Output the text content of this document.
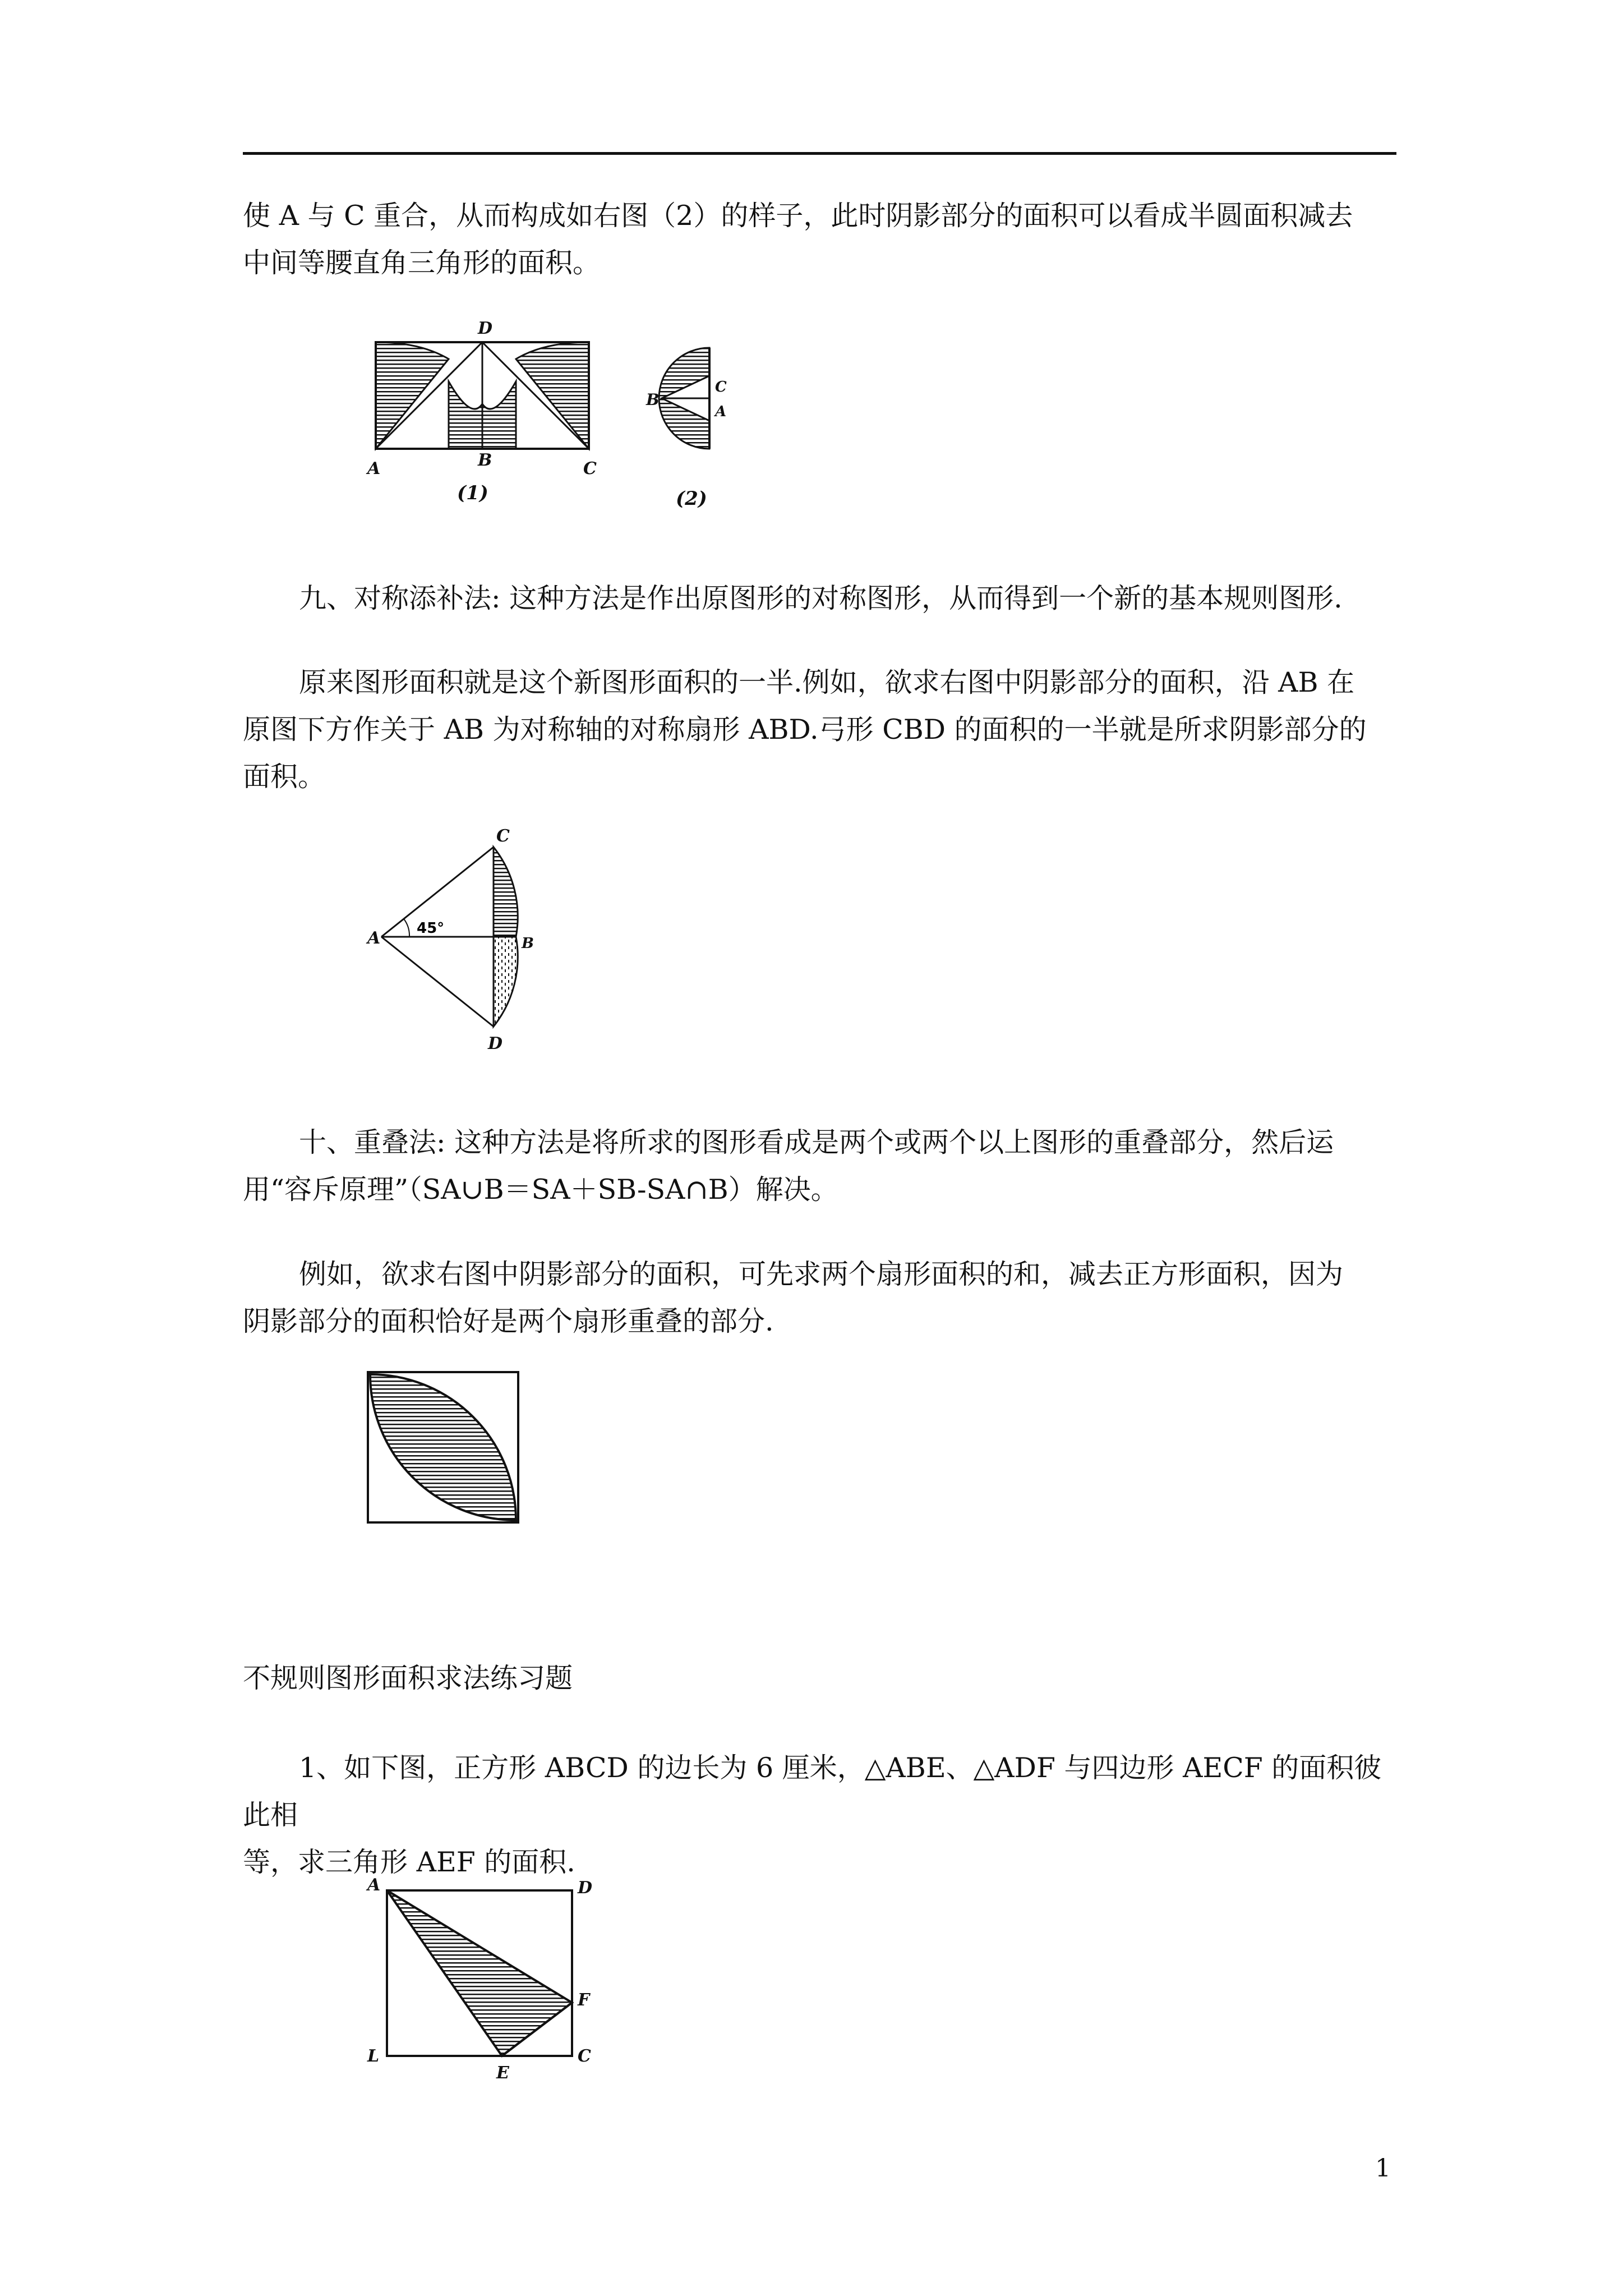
使 A 与 C 重合，从而构成如右图（2）的样子，此时阴影部分的面积可以看成半圆面积减去
中间等腰直角三角形的面积。

D
A	B	C
(1)
B
C
A
(2)

九、对称添补法: 这种方法是作出原图形的对称图形，从而得到一个新的基本规则图形.

原来图形面积就是这个新图形面积的一半.例如，欲求右图中阴影部分的面积，沿 AB 在
原图下方作关于 AB 为对称轴的对称扇形 ABD.弓形 CBD 的面积的一半就是所求阴影部分的
面积。

C
A	B
D
45°

十、重叠法: 这种方法是将所求的图形看成是两个或两个以上图形的重叠部分，然后运
用“容斥原理”（SA∪B＝SA＋SB-SA∩B）解决。

例如，欲求右图中阴影部分的面积，可先求两个扇形面积的和，减去正方形面积，因为
阴影部分的面积恰好是两个扇形重叠的部分.

不规则图形面积求法练习题

1、如下图，正方形 ABCD 的边长为 6 厘米，△ABE、△ADF 与四边形 AECF 的面积彼此相
等，求三角形 AEF 的面积.

A	D
F
L	C
E
1
